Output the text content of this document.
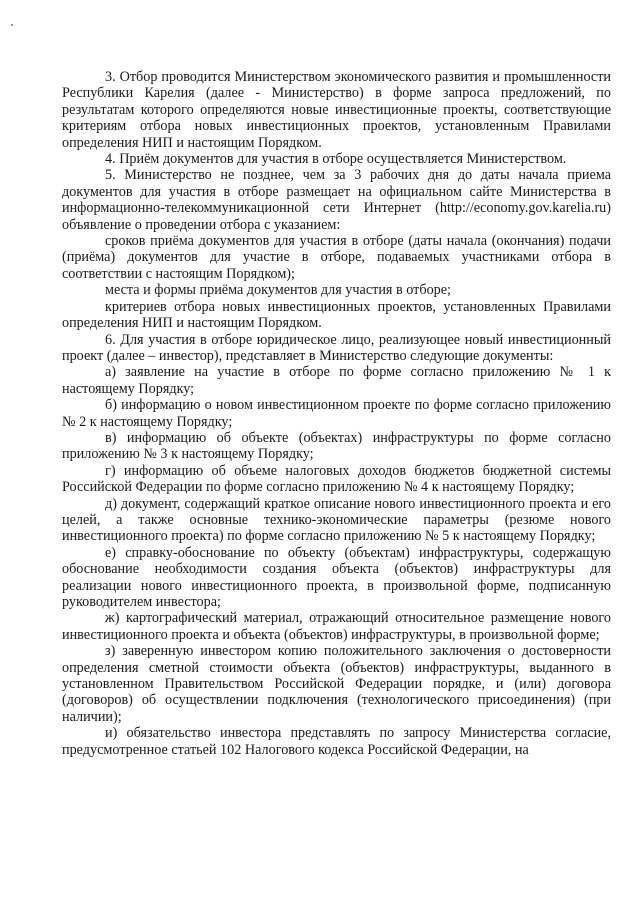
3. Отбор проводится Министерством экономического развития и промышленности Республики Карелия (далее - Министерство) в форме запроса предложений, по результатам которого определяются новые инвестиционные проекты, соответствующие критериям отбора новых инвестиционных проектов, установленным Правилами определения НИП и настоящим Порядком.

4. Приём документов для участия в отборе осуществляется Министерством.

5. Министерство не позднее, чем за 3 рабочих дня до даты начала приема документов для участия в отборе размещает на официальном сайте Министерства в информационно-телекоммуникационной сети Интернет (http://economy.gov.karelia.ru) объявление о проведении отбора с указанием:

сроков приёма документов для участия в отборе (даты начала (окончания) подачи (приёма) документов для участие в отборе, подаваемых участниками отбора в соответствии с настоящим Порядком);

места и формы приёма документов для участия в отборе;

критериев отбора новых инвестиционных проектов, установленных Правилами определения НИП и настоящим Порядком.

6. Для участия в отборе юридическое лицо, реализующее новый инвестиционный проект (далее – инвестор), представляет в Министерство следующие документы:

а) заявление на участие в отборе по форме согласно приложению № 1 к настоящему Порядку;

б) информацию о новом инвестиционном проекте по форме согласно приложению № 2 к настоящему Порядку;

в) информацию об объекте (объектах) инфраструктуры по форме согласно приложению № 3 к настоящему Порядку;

г) информацию об объеме налоговых доходов бюджетов бюджетной системы Российской Федерации по форме согласно приложению № 4 к настоящему Порядку;

д) документ, содержащий краткое описание нового инвестиционного проекта и его целей, а также основные технико-экономические параметры (резюме нового инвестиционного проекта) по форме согласно приложению № 5 к настоящему Порядку;

е) справку-обоснование по объекту (объектам) инфраструктуры, содержащую обоснование необходимости создания объекта (объектов) инфраструктуры для реализации нового инвестиционного проекта, в произвольной форме, подписанную руководителем инвестора;

ж) картографический материал, отражающий относительное размещение нового инвестиционного проекта и объекта (объектов) инфраструктуры, в произвольной форме;

з) заверенную инвестором копию положительного заключения о достоверности определения сметной стоимости объекта (объектов) инфраструктуры, выданного в установленном Правительством Российской Федерации порядке, и (или) договора (договоров) об осуществлении подключения (технологического присоединения) (при наличии);

и) обязательство инвестора представлять по запросу Министерства согласие, предусмотренное статьей 102 Налогового кодекса Российской Федерации, на
